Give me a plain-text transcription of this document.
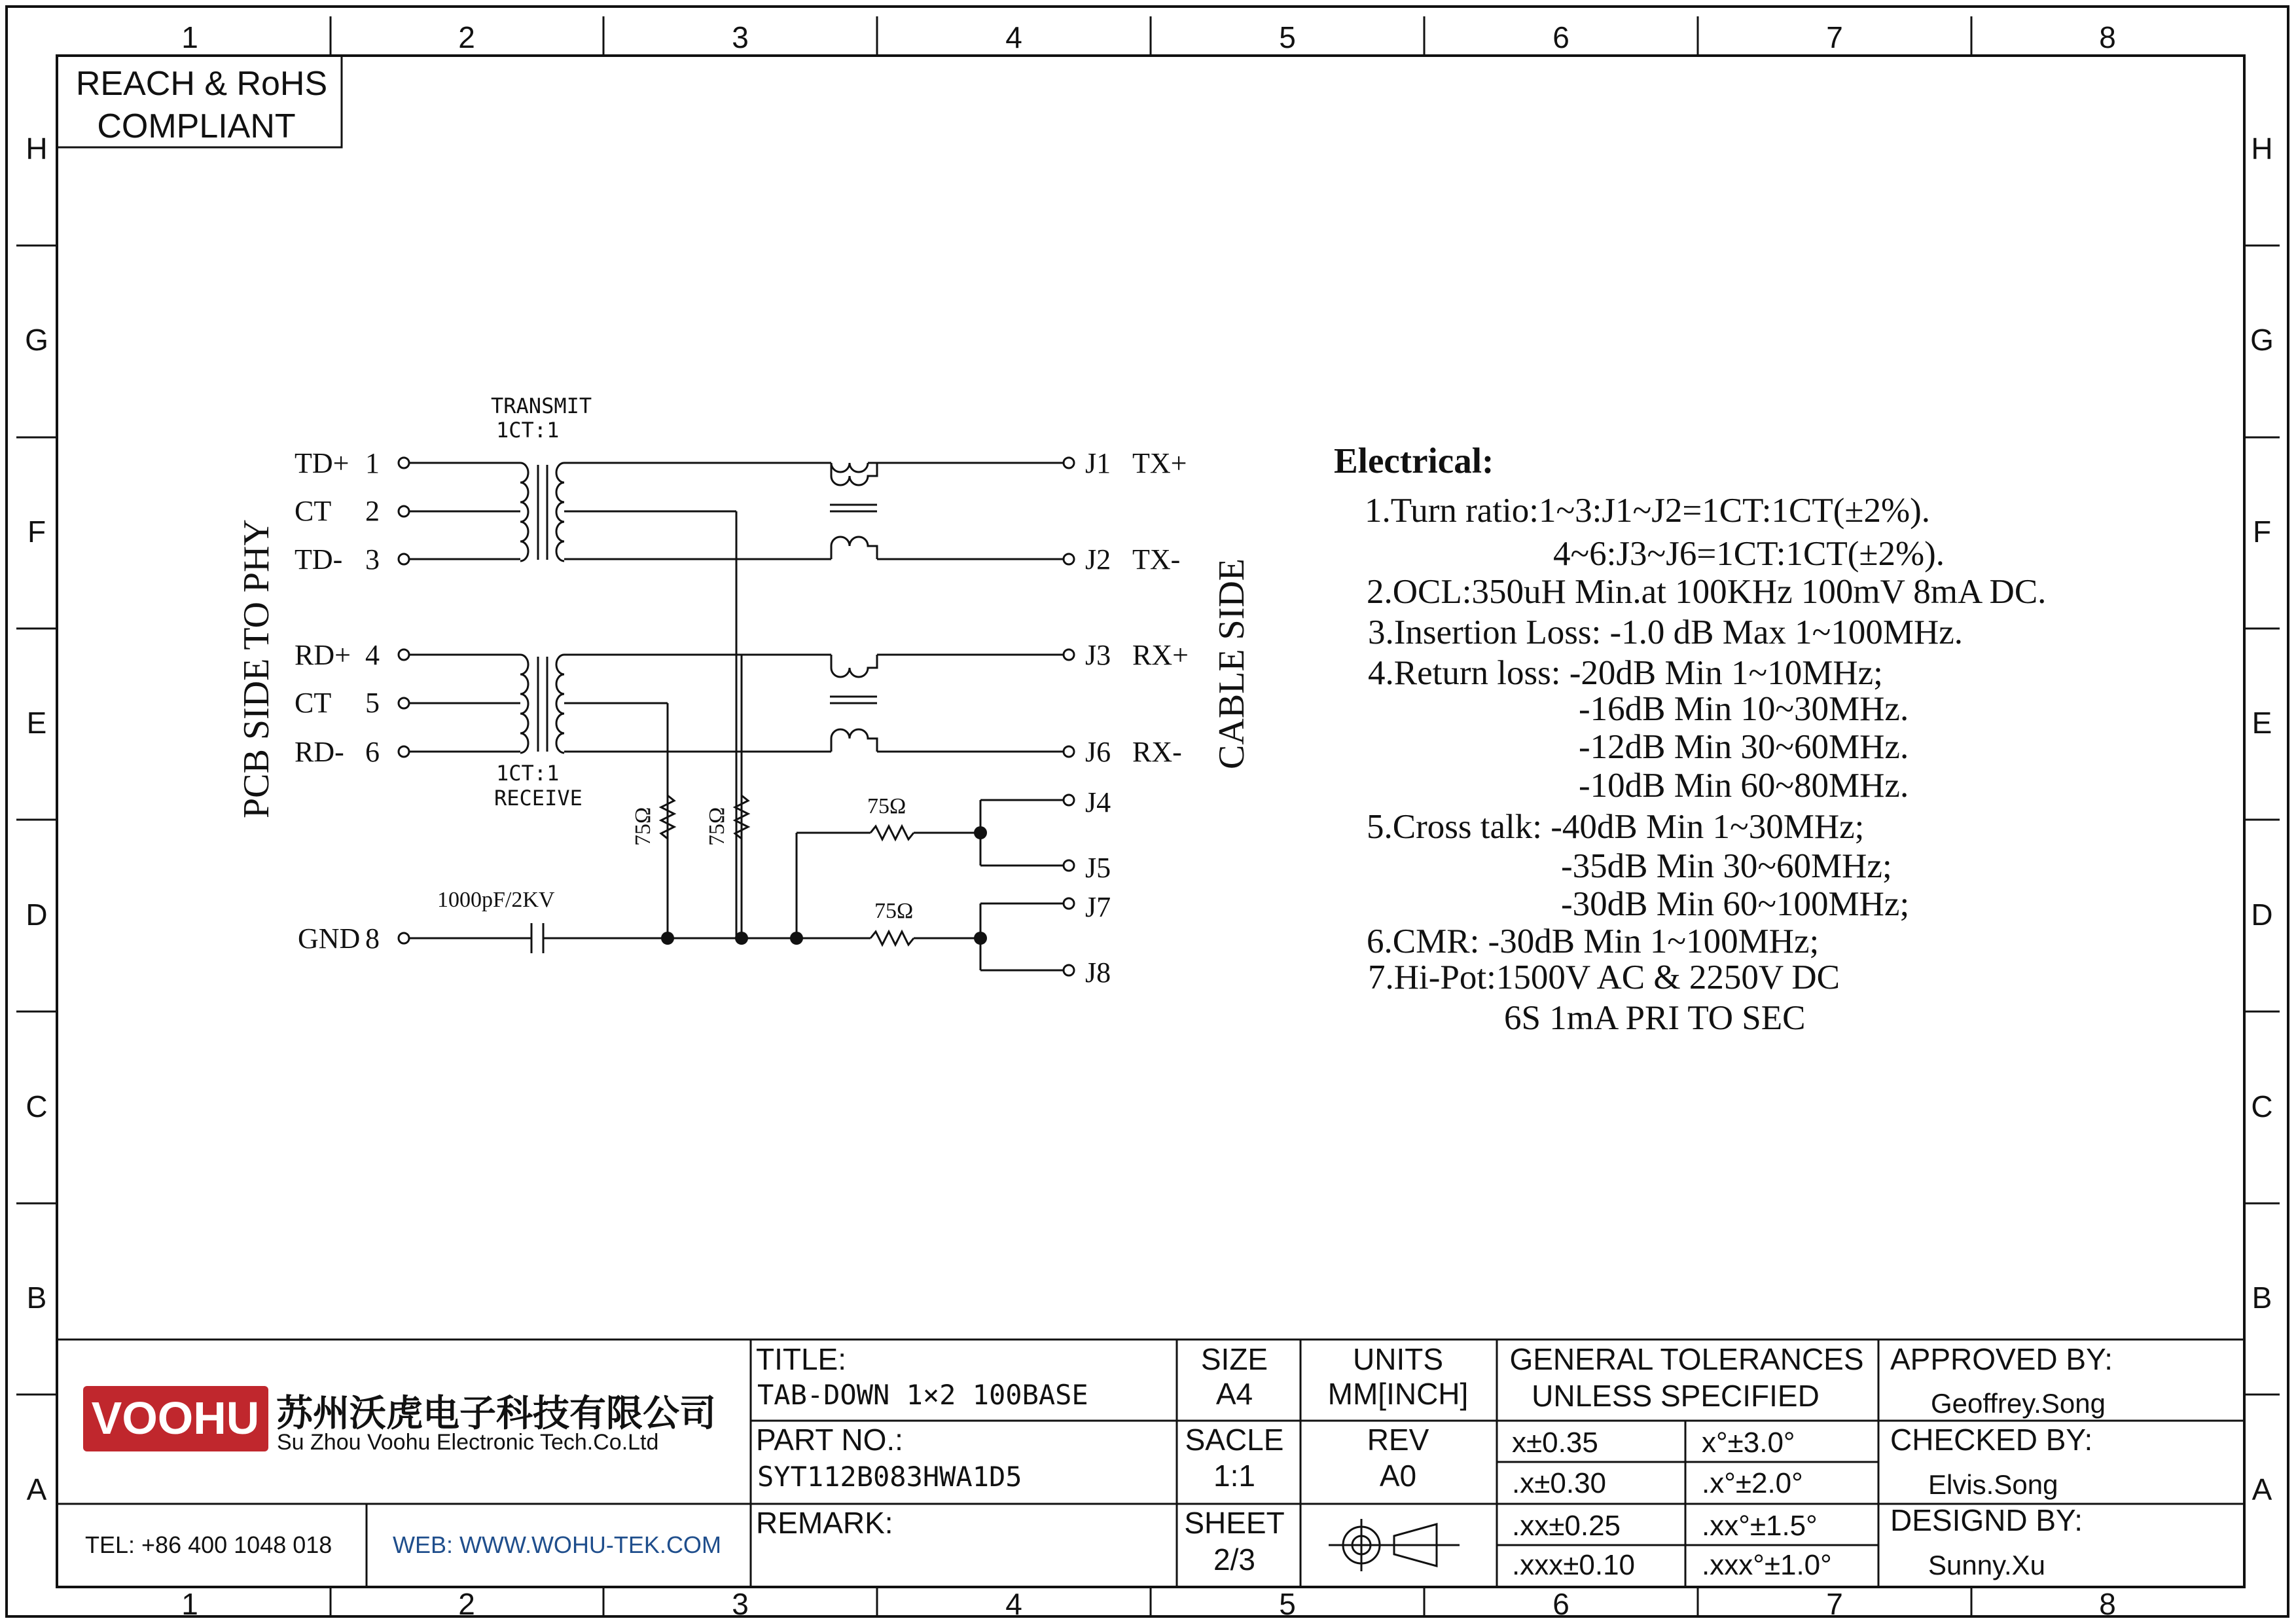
1	2	3	4	5	6	7	8
1	2	3	4	5	6	7	8
H
G
F
E
D
C
B
A
H
G
F
E
D
C
B
A
REACH & RoHS
COMPLIANT
TRANSMIT
1CT:1
1CT:1
RECEIVE
PCB SIDE TO PHY	CABLE SIDE
TD+ 1
CT 2
TD- 3
RD+ 4
CT 5
RD- 6
GND 8
J1 TX+
J2 TX-
J3 RX+
J6 RX-
J4
J5
J7
J8
75Ω 75Ω
75Ω
75Ω
1000pF/2KV
Electrical:
1.Turn ratio:1~3:J1~J2=1CT:1CT(±2%).
4~6:J3~J6=1CT:1CT(±2%).
2.OCL:350uH Min.at 100KHz 100mV 8mA DC.
3.Insertion Loss: -1.0 dB Max 1~100MHz.
4.Return loss: -20dB Min 1~10MHz;
-16dB Min 10~30MHz.
-12dB Min 30~60MHz.
-10dB Min 60~80MHz.
5.Cross talk: -40dB Min 1~30MHz;
-35dB Min 30~60MHz;
-30dB Min 60~100MHz;
6.CMR: -30dB Min 1~100MHz;
7.Hi-Pot:1500V AC & 2250V DC
6S 1mA PRI TO SEC
VOOHU 苏州沃虎电子科技有限公司
Su Zhou Voohu Electronic Tech.Co.Ltd
TEL: +86 400 1048 018	WEB: WWW.WOHU-TEK.COM
TITLE:
TAB-DOWN 1×2 100BASE
PART NO.:
SYT112B083HWA1D5
REMARK:
SIZE
A4
SACLE
1:1
SHEET
2/3
UNITS
MM[INCH]
REV
A0
GENERAL TOLERANCES
UNLESS SPECIFIED
x±0.35	x°±3.0°
.x±0.30	.x°±2.0°
.xx±0.25	.xx°±1.5°
.xxx±0.10 .xxx°±1.0°
APPROVED BY:
Geoffrey.Song
CHECKED BY:
Elvis.Song
DESIGND BY:
Sunny.Xu
